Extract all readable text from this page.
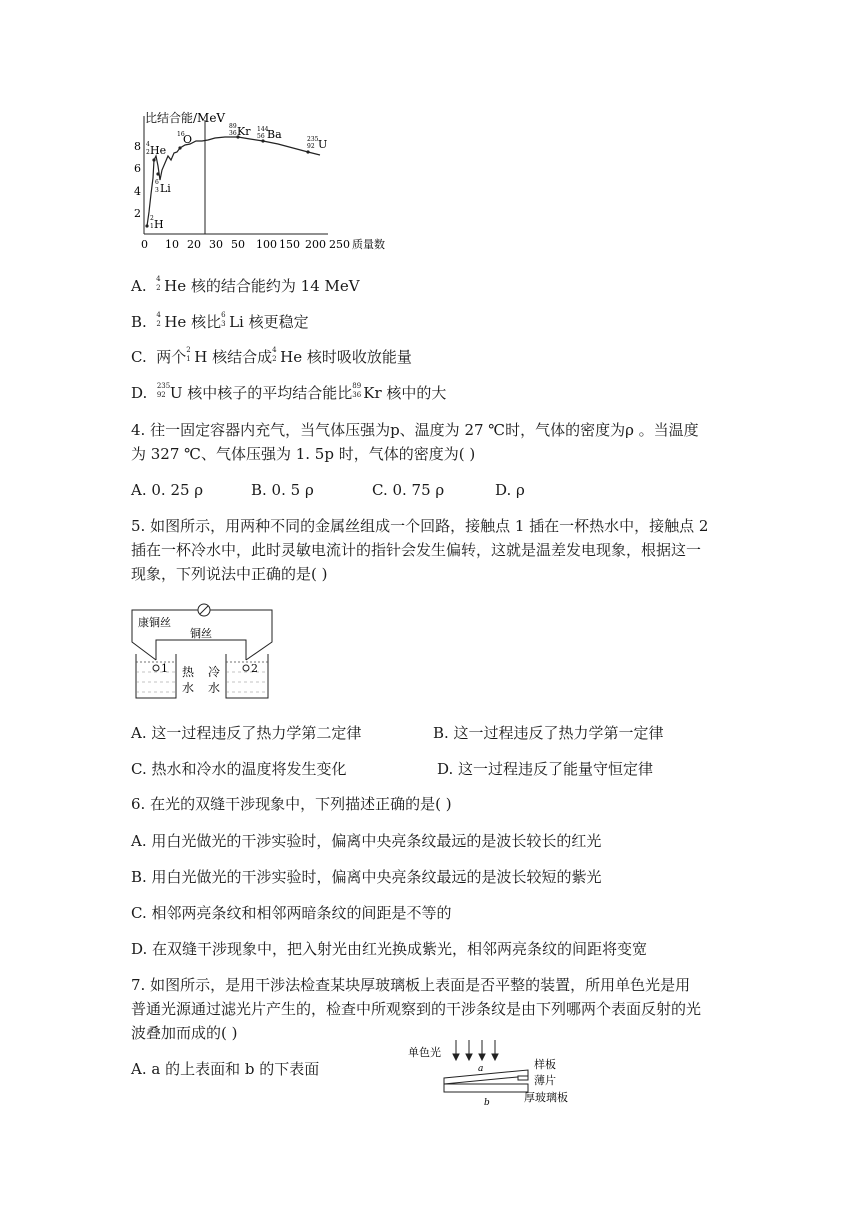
比结合能/MeV
2
4
6
8
0 10 20 30 50 100 150 200 250 质量数
2
1 H
4
2 He
6
3 Li
16
O
89
36 Kr 144
56 Ba	235
92 U
A. 4
2 He 核的结合能约为 14 MeV
B. 4
2 He 核比 6
3 Li 核更稳定
C. 两个 2
1 H 核结合成 4
2 He 核时吸收放能量
D. 235
92 U 核中核子的平均结合能比 89
36 Kr 核中的大
4. 往一固定容器内充气，当气体压强为p、温度为 27 ℃时，气体的密度为ρ 。当温度
为 327 ℃、气体压强为 1. 5p 时，气体的密度为( )
A. 0. 25 ρ	B. 0. 5 ρ	C. 0. 75 ρ	D. ρ
5. 如图所示，用两种不同的金属丝组成一个回路，接触点 1 插在一杯热水中，接触点 2
插在一杯冷水中，此时灵敏电流计的指针会发生偏转，这就是温差发电现象，根据这一
现象，下列说法中正确的是( )
康铜丝
铜丝
1	2
热
水
冷
水
A. 这一过程违反了热力学第二定律	B. 这一过程违反了热力学第一定律
C. 热水和冷水的温度将发生变化	D. 这一过程违反了能量守恒定律
6. 在光的双缝干涉现象中，下列描述正确的是( )
A. 用白光做光的干涉实验时，偏离中央亮条纹最远的是波长较长的红光
B. 用白光做光的干涉实验时，偏离中央亮条纹最远的是波长较短的紫光
C. 相邻两亮条纹和相邻两暗条纹的间距是不等的
D. 在双缝干涉现象中，把入射光由红光换成紫光，相邻两亮条纹的间距将变宽
7. 如图所示，是用干涉法检查某块厚玻璃板上表面是否平整的装置，所用单色光是用
普通光源通过滤光片产生的，检查中所观察到的干涉条纹是由下列哪两个表面反射的光
波叠加而成的( )
A. a 的上表面和 b 的下表面
单色光
a	样板
薄片
厚玻璃板
b
